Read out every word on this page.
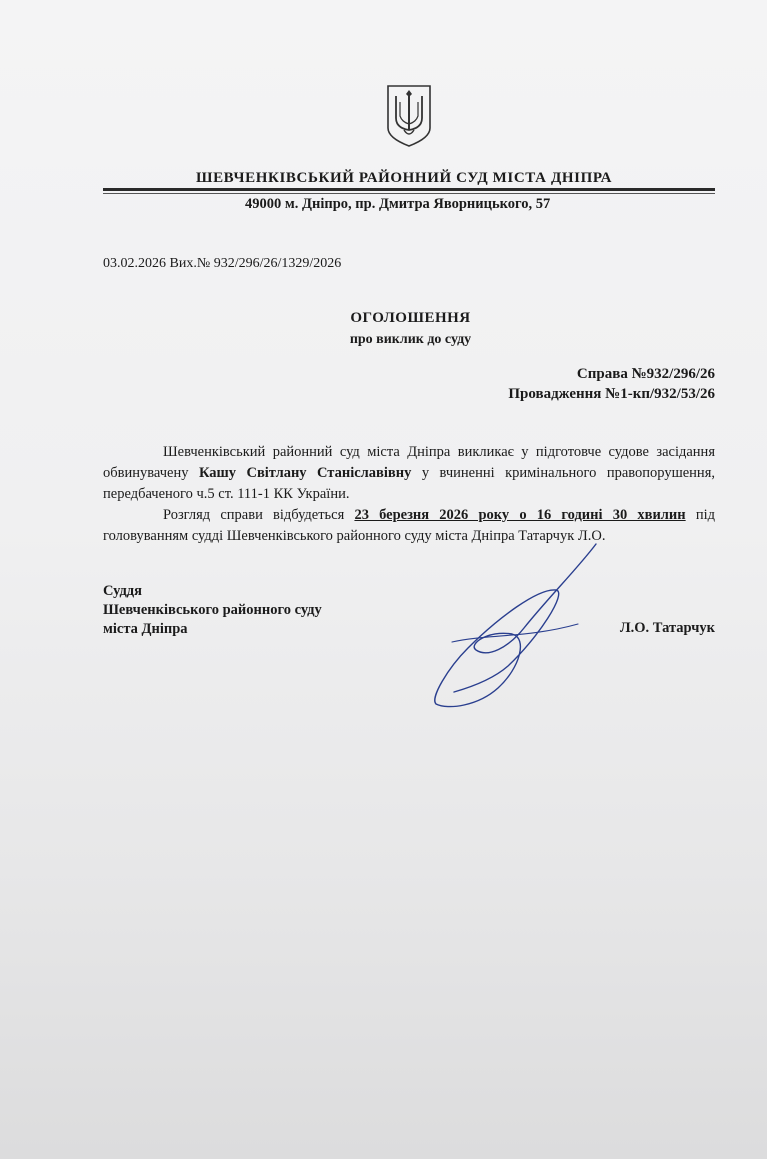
ШЕВЧЕНКІВСЬКИЙ РАЙОННИЙ СУД МІСТА ДНІПРА
49000 м. Дніпро, пр. Дмитра Яворницького, 57
03.02.2026 Вих.№ 932/296/26/1329/2026
ОГОЛОШЕННЯ
про виклик до суду
Справа №932/296/26
Провадження №1-кп/932/53/26

Шевченківський районний суд міста Дніпра викликає у підготовче судове засідання обвинувачену Кашу Світлану Станіславівну у вчиненні кримінального правопорушення, передбаченого ч.5 ст. 111-1 КК України.

Розгляд справи відбудеться 23 березня 2026 року о 16 годині 30 хвилин під головуванням судді Шевченківського районного суду міста Дніпра Татарчук Л.О.

Суддя
Шевченківського районного суду
міста Дніпра	Л.О. Татарчук
